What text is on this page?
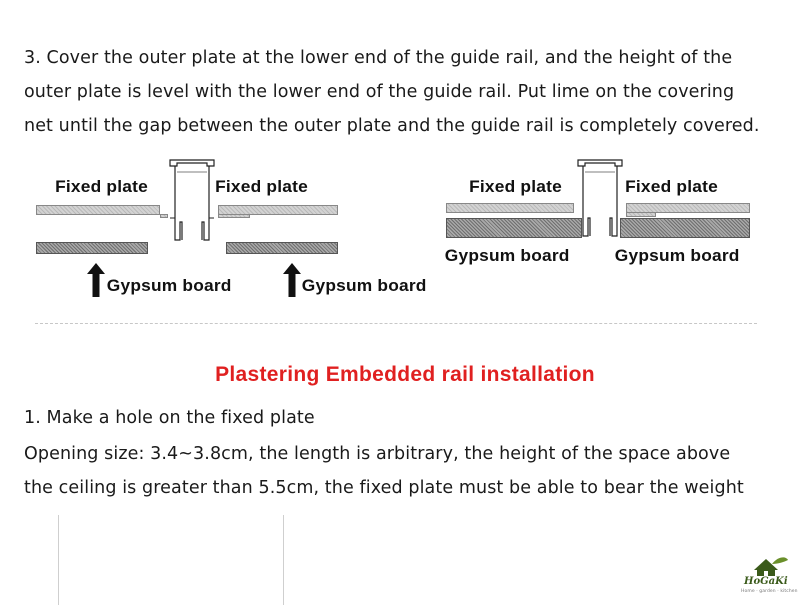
3. Cover the outer plate at the lower end of the guide rail, and the height of the
outer plate is level with the lower end of the guide rail. Put lime on the covering
net until the gap between the outer plate and the guide rail is completely covered.
Fixed plate	Fixed plate
Gypsum board	Gypsum board
Fixed plate	Fixed plate
Gypsum board	Gypsum board
Plastering Embedded rail installation
1. Make a hole on the fixed plate
Opening size: 3.4~3.8cm, the length is arbitrary, the height of the space above
the ceiling is greater than 5.5cm, the fixed plate must be able to bear the weight
HoGaKi
Home · garden · kitchen
